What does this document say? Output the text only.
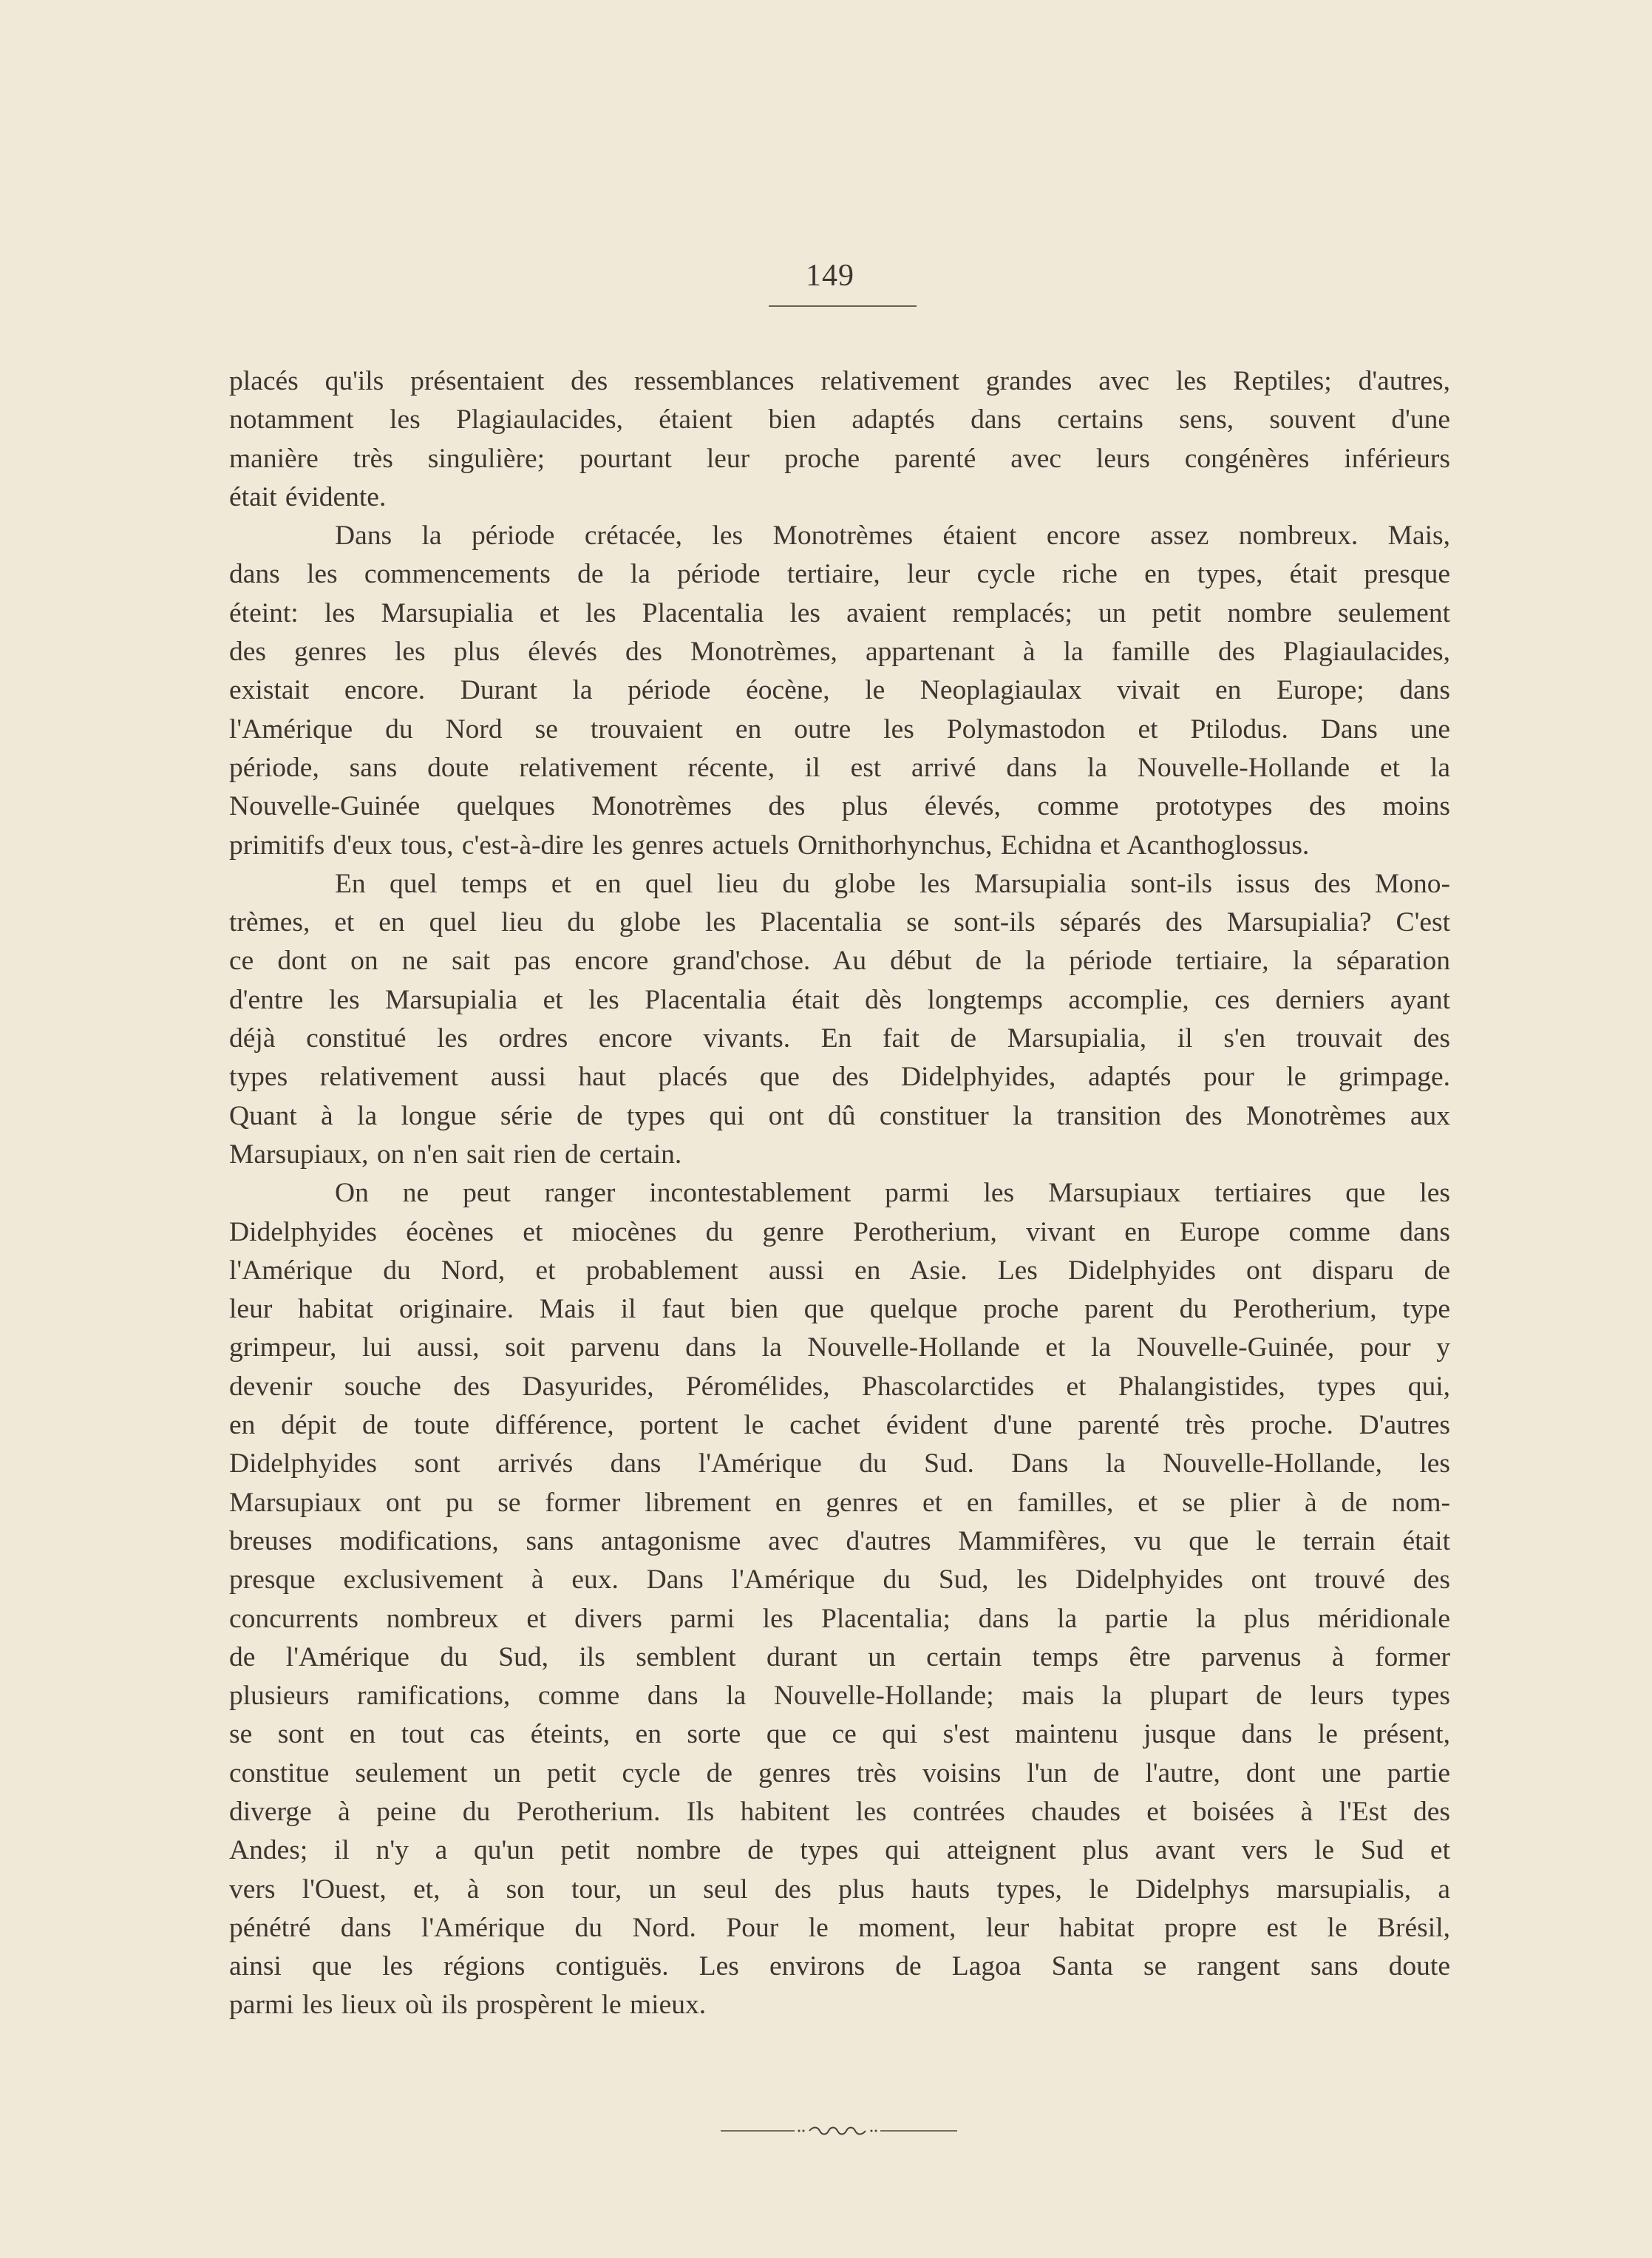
149
placés qu'ils présentaient des ressemblances relativement grandes avec les Reptiles; d'autres,
notamment les Plagiaulacides, étaient bien adaptés dans certains sens, souvent d'une
manière très singulière; pourtant leur proche parenté avec leurs congénères inférieurs
était évidente.
Dans la période crétacée, les Monotrèmes étaient encore assez nombreux. Mais,
dans les commencements de la période tertiaire, leur cycle riche en types, était presque
éteint: les Marsupialia et les Placentalia les avaient remplacés; un petit nombre seulement
des genres les plus élevés des Monotrèmes, appartenant à la famille des Plagiaulacides,
existait encore. Durant la période éocène, le Neoplagiaulax vivait en Europe; dans
l'Amérique du Nord se trouvaient en outre les Polymastodon et Ptilodus. Dans une
période, sans doute relativement récente, il est arrivé dans la Nouvelle-Hollande et la
Nouvelle-Guinée quelques Monotrèmes des plus élevés, comme prototypes des moins
primitifs d'eux tous, c'est-à-dire les genres actuels Ornithorhynchus, Echidna et Acanthoglossus.
En quel temps et en quel lieu du globe les Marsupialia sont-ils issus des Mono-
trèmes, et en quel lieu du globe les Placentalia se sont-ils séparés des Marsupialia? C'est
ce dont on ne sait pas encore grand'chose. Au début de la période tertiaire, la séparation
d'entre les Marsupialia et les Placentalia était dès longtemps accomplie, ces derniers ayant
déjà constitué les ordres encore vivants. En fait de Marsupialia, il s'en trouvait des
types relativement aussi haut placés que des Didelphyides, adaptés pour le grimpage.
Quant à la longue série de types qui ont dû constituer la transition des Monotrèmes aux
Marsupiaux, on n'en sait rien de certain.
On ne peut ranger incontestablement parmi les Marsupiaux tertiaires que les
Didelphyides éocènes et miocènes du genre Perotherium, vivant en Europe comme dans
l'Amérique du Nord, et probablement aussi en Asie. Les Didelphyides ont disparu de
leur habitat originaire. Mais il faut bien que quelque proche parent du Perotherium, type
grimpeur, lui aussi, soit parvenu dans la Nouvelle-Hollande et la Nouvelle-Guinée, pour y
devenir souche des Dasyurides, Péromélides, Phascolarctides et Phalangistides, types qui,
en dépit de toute différence, portent le cachet évident d'une parenté très proche. D'autres
Didelphyides sont arrivés dans l'Amérique du Sud. Dans la Nouvelle-Hollande, les
Marsupiaux ont pu se former librement en genres et en familles, et se plier à de nom-
breuses modifications, sans antagonisme avec d'autres Mammifères, vu que le terrain était
presque exclusivement à eux. Dans l'Amérique du Sud, les Didelphyides ont trouvé des
concurrents nombreux et divers parmi les Placentalia; dans la partie la plus méridionale
de l'Amérique du Sud, ils semblent durant un certain temps être parvenus à former
plusieurs ramifications, comme dans la Nouvelle-Hollande; mais la plupart de leurs types
se sont en tout cas éteints, en sorte que ce qui s'est maintenu jusque dans le présent,
constitue seulement un petit cycle de genres très voisins l'un de l'autre, dont une partie
diverge à peine du Perotherium. Ils habitent les contrées chaudes et boisées à l'Est des
Andes; il n'y a qu'un petit nombre de types qui atteignent plus avant vers le Sud et
vers l'Ouest, et, à son tour, un seul des plus hauts types, le Didelphys marsupialis, a
pénétré dans l'Amérique du Nord. Pour le moment, leur habitat propre est le Brésil,
ainsi que les régions contiguës. Les environs de Lagoa Santa se rangent sans doute
parmi les lieux où ils prospèrent le mieux.
